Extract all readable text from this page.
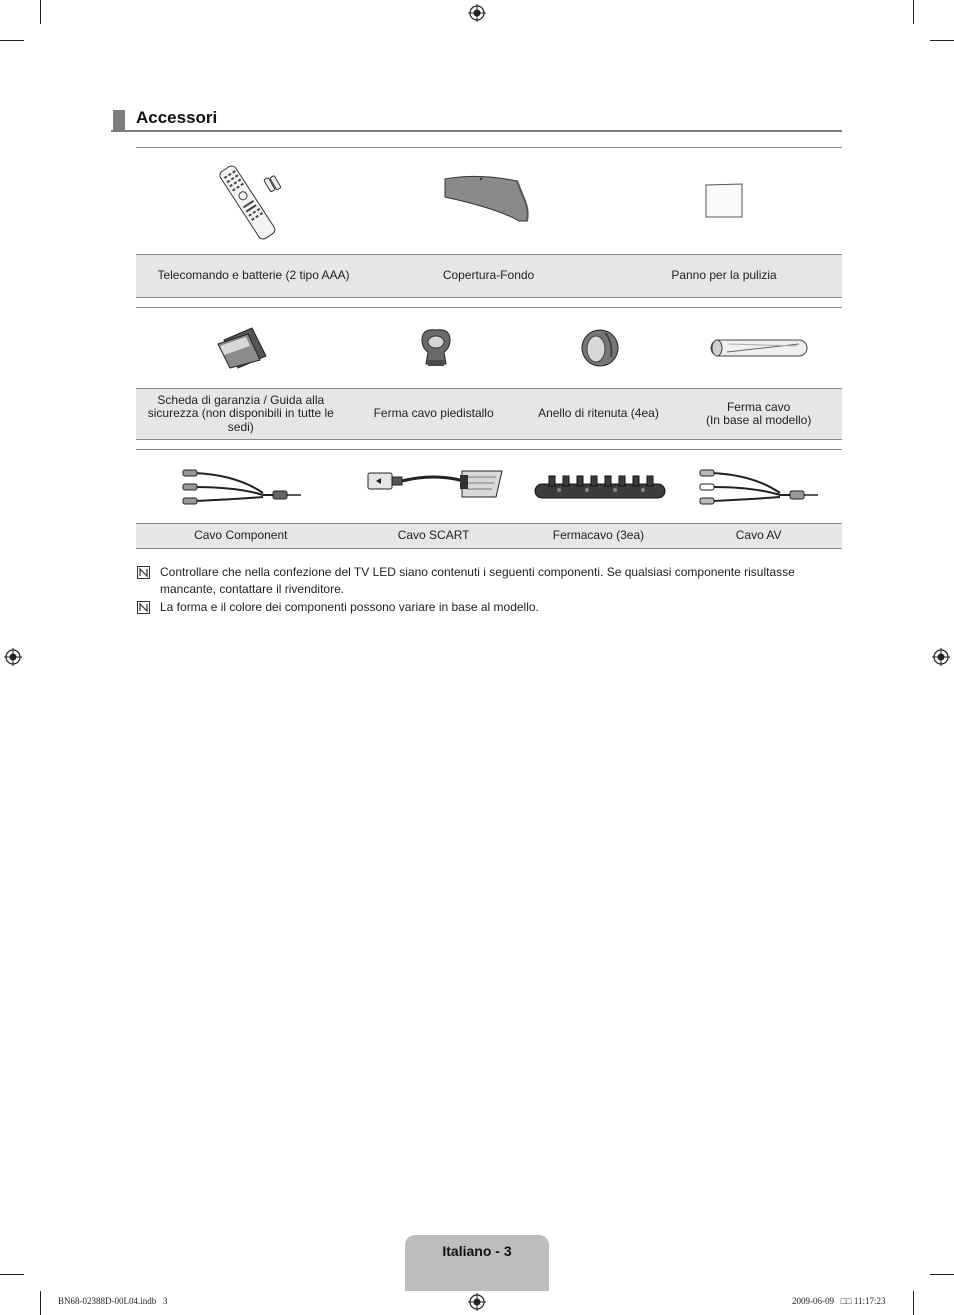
Accessori
Telecomando e batterie (2 tipo AAA)	Copertura-Fondo	Panno per la pulizia
Scheda di garanzia / Guida alla sicurezza (non disponibili in tutte le sedi)
Ferma cavo piedistallo	Anello di ritenuta (4ea)	Ferma cavo
(In base al modello)
Cavo Component	Cavo SCART	Fermacavo (3ea)	Cavo AV
Controllare che nella confezione del TV LED siano contenuti i seguenti componenti. Se qualsiasi componente risultasse mancante, contattare il rivenditore.
La forma e il colore dei componenti possono variare in base al modello.
Italiano - 3
BN68-02388D-00L04.indb   3	2009-06-09   □□ 11:17:23
